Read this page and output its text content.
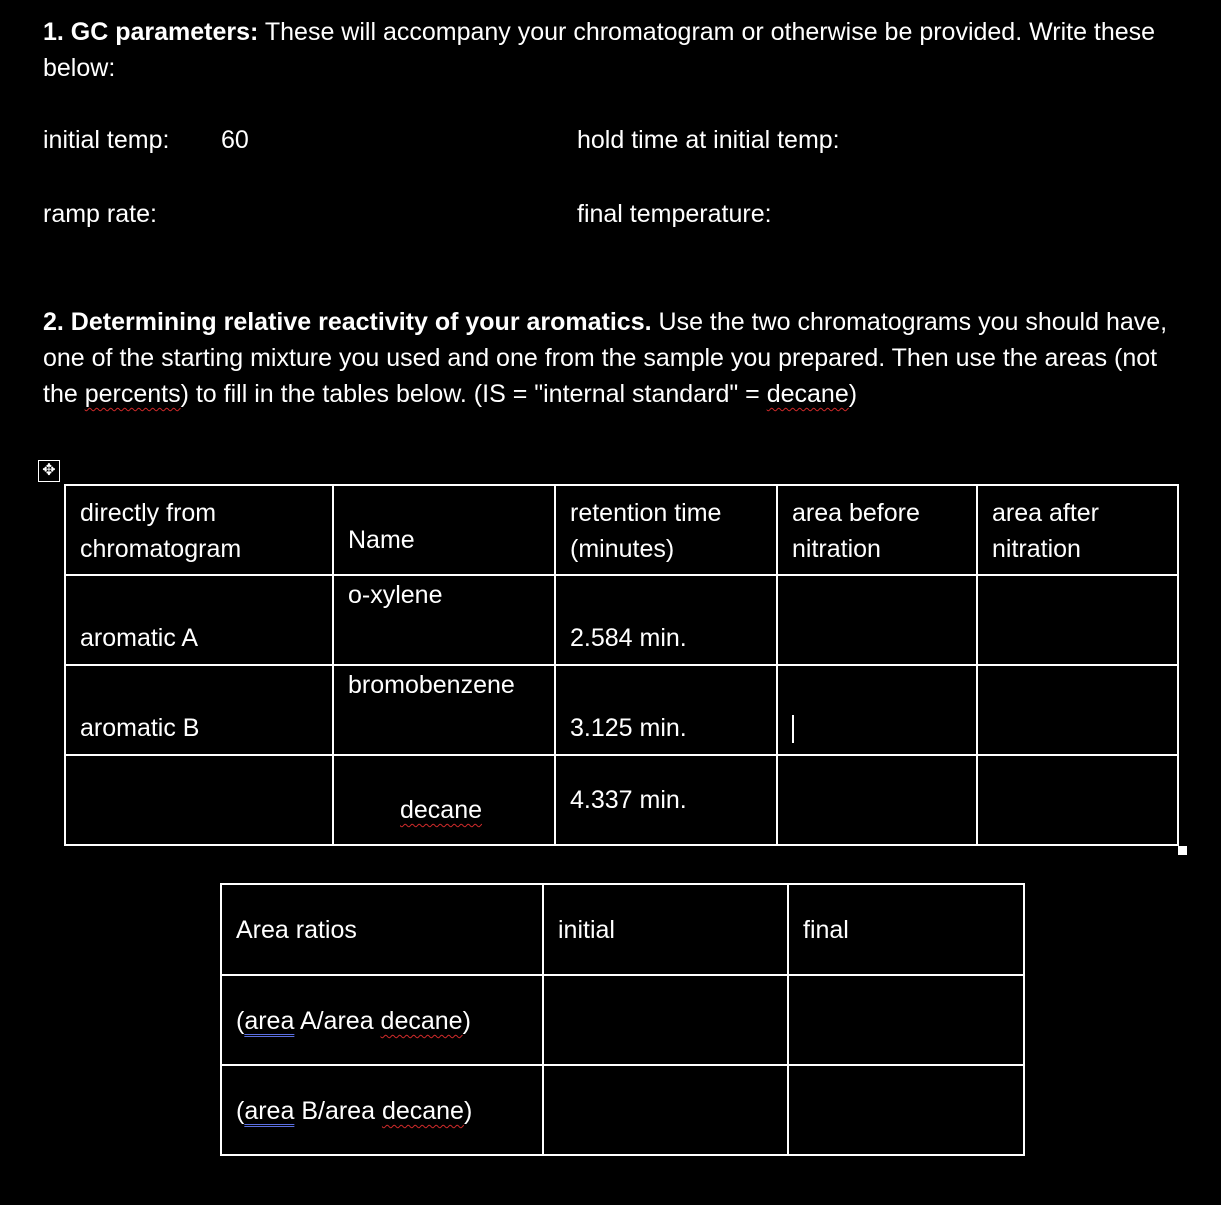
1. GC parameters: These will accompany your chromatogram or otherwise be provided. Write these below:

initial temp: 60	hold time at initial temp:
ramp rate:	final temperature:

2. Determining relative reactivity of your aromatics. Use the two chromatograms you should have, one of the starting mixture you used and one from the sample you prepared. Then use the areas (not the percents) to fill in the tables below. (IS = "internal standard" = decane)

✥
directly from chromatogram	Name	retention time (minutes)	area before nitration	area after nitration
aromatic A	o-xylene	2.584 min.		
aromatic B	bromobenzene	3.125 min.		
	decane	4.337 min.		
Area ratios	initial	final
(area A/area decane)		
(area B/area decane)		
